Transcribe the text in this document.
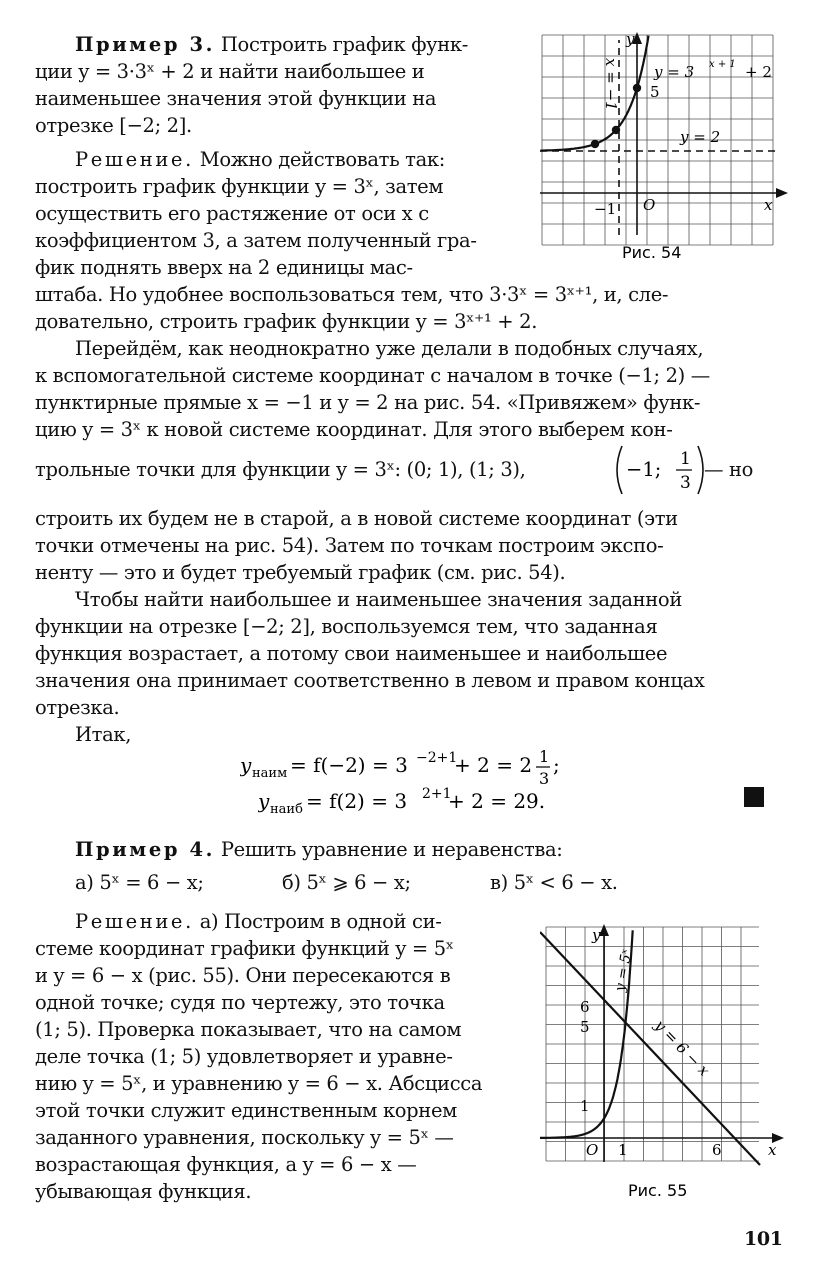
Пример 3. Построить график функ-
ции y = 3·3ˣ + 2 и найти наибольшее и
наименьшее значения этой функции на
отрезке [−2; 2].
Решение. Можно действовать так:
построить график функции y = 3ˣ, затем
осуществить его растяжение от оси x с
коэффициентом 3, а затем полученный гра-
фик поднять вверх на 2 единицы мас-
штаба. Но удобнее воспользоваться тем, что 3·3ˣ = 3ˣ⁺¹, и, сле-
довательно, строить график функции y = 3ˣ⁺¹ + 2.
Перейдём, как неоднократно уже делали в подобных случаях,
к вспомогательной системе координат с началом в точке (−1; 2) —
пунктирные прямые x = −1 и y = 2 на рис. 54. «Привяжем» функ-
цию y = 3ˣ к новой системе координат. Для этого выберем кон-
трольные точки для функции y = 3ˣ: (0; 1), (1; 3),	— но
строить их будем не в старой, а в новой системе координат (эти
точки отмечены на рис. 54). Затем по точкам построим экспо-
ненту — это и будет требуемый график (см. рис. 54).
Чтобы найти наибольшее и наименьшее значения заданной
функции на отрезке [−2; 2], воспользуемся тем, что заданная
функция возрастает, а потому свои наименьшее и наибольшее
значения она принимает соответственно в левом и правом концах
отрезка.
Итак,
Пример 4. Решить уравнение и неравенства:
а) 5ˣ = 6 − x;	б) 5ˣ ⩾ 6 − x;	в) 5ˣ < 6 − x.
Решение. а) Построим в одной си-
стеме координат графики функций y = 5ˣ
и y = 6 − x (рис. 55). Они пересекаются в
одной точке; судя по чертежу, это точка
(1; 5). Проверка показывает, что на самом
деле точка (1; 5) удовлетворяет и уравне-
нию y = 5ˣ, и уравнению y = 6 − x. Абсцисса
этой точки служит единственным корнем
заданного уравнения, поскольку y = 5ˣ —
возрастающая функция, а y = 6 − x —
убывающая функция.
−1; 1
3
y наим = f(−2) = 3 −2+1
+ 2 = 2 1
3
;
y наиб = f(2) = 3 2+1
+ 2 = 29.
y
x
O
−1
5
y = 3 x + 1 + 2
y = 2
x = −1
Рис. 54
y
x
O 1	6
1
5
6
y = 5ˣ
y = 6 − x
Рис. 55
101
